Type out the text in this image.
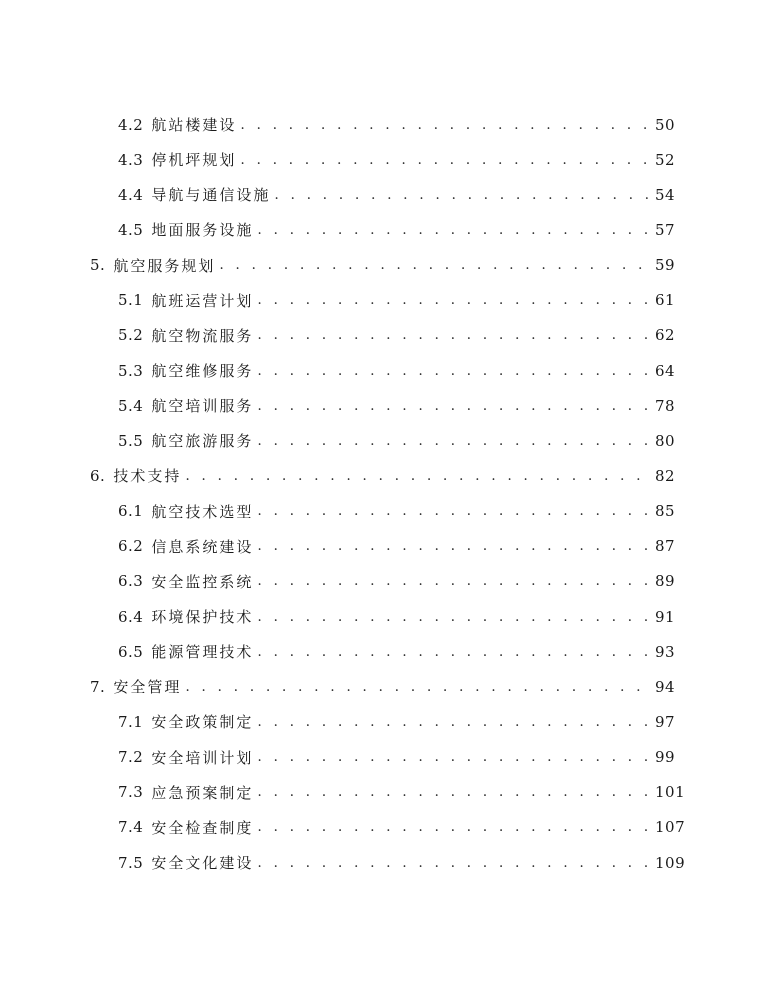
4.2 航站楼建设 . . .	50
4.3 停机坪规划 . . .	52
4.4 导航与通信设施 . . .	54
4.5 地面服务设施 . . .	57
5. 航空服务规划 . . .	59
5.1 航班运营计划 . . .	61
5.2 航空物流服务 . . .	62
5.3 航空维修服务 . . .	64
5.4 航空培训服务 . . .	78
5.5 航空旅游服务 . . .	80
6. 技术支持 . . .	82
6.1 航空技术选型 . . .	85
6.2 信息系统建设 . . .	87
6.3 安全监控系统 . . .	89
6.4 环境保护技术 . . .	91
6.5 能源管理技术 . . .	93
7. 安全管理 . . .	94
7.1 安全政策制定 . . .	97
7.2 安全培训计划 . . .	99
7.3 应急预案制定 . . .	101
7.4 安全检查制度 . . .	107
7.5 安全文化建设 . . .	109
